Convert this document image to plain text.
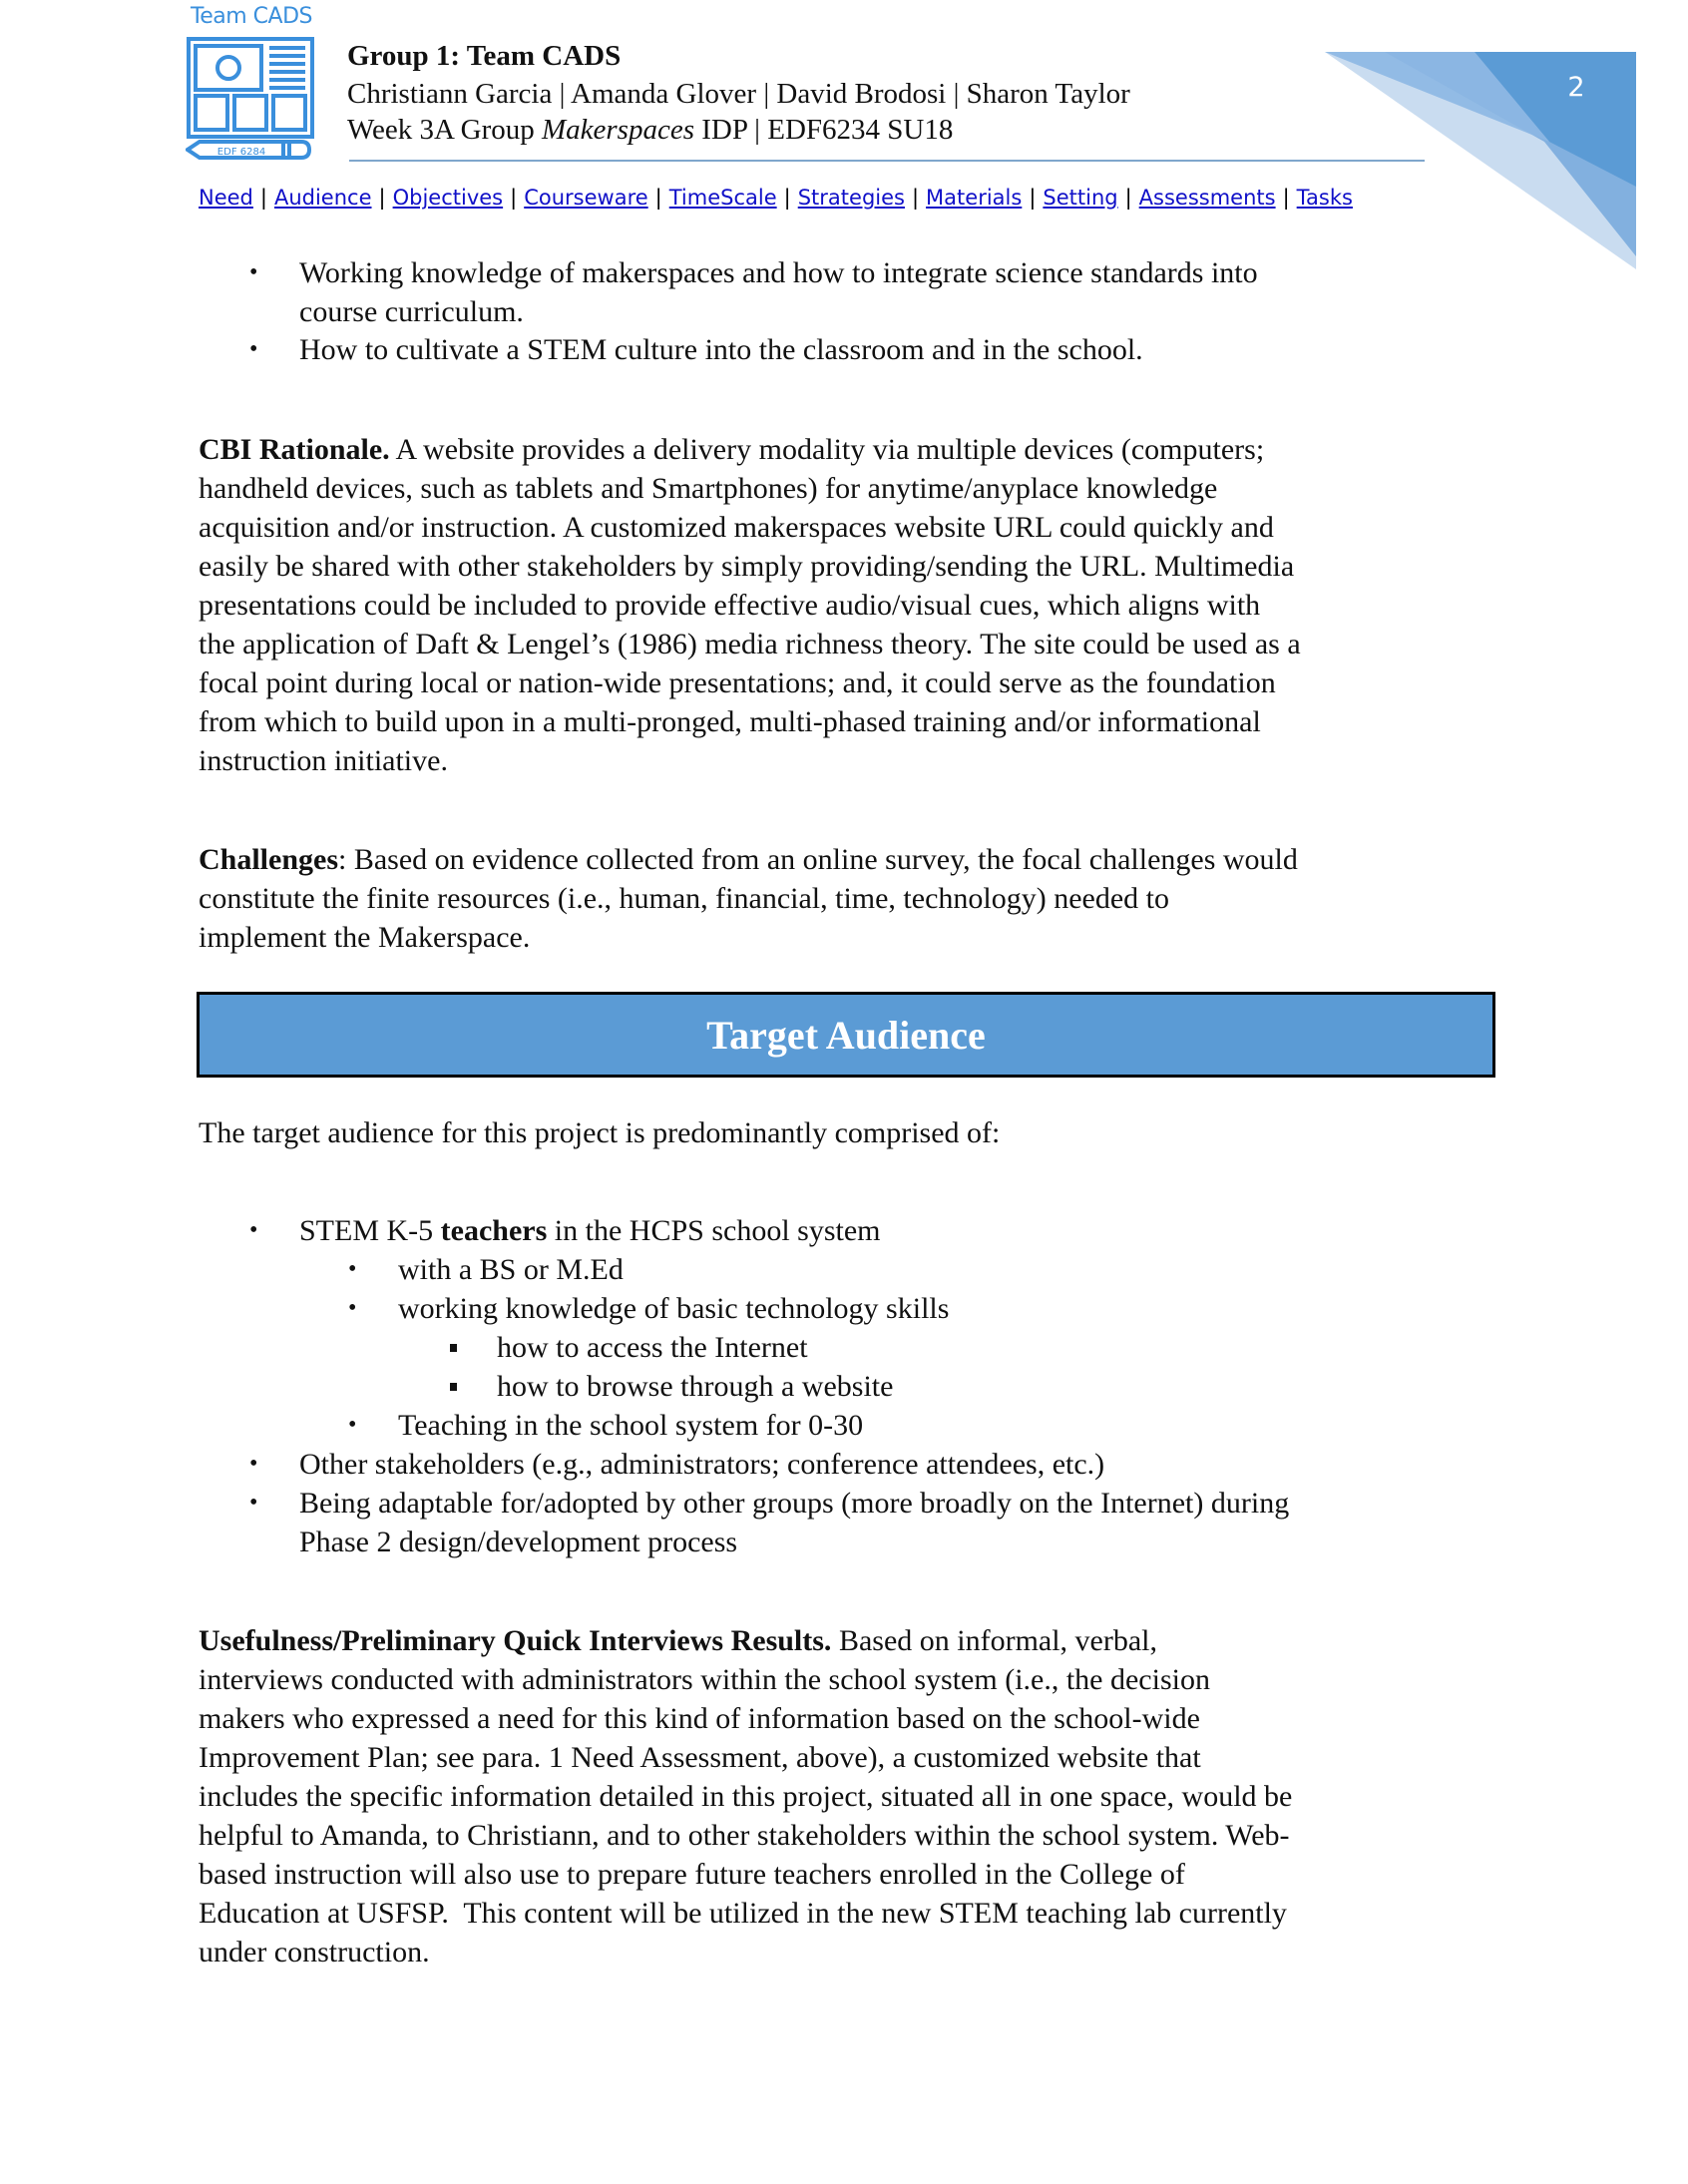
Team CADS
EDF 6284
Group 1: Team CADS
Christiann Garcia | Amanda Glover | David Brodosi | Sharon Taylor
Week 3A Group Makerspaces IDP | EDF6234 SU18
2
Need | Audience | Objectives | Courseware | TimeScale | Strategies | Materials | Setting | Assessments | Tasks
• Working knowledge of makerspaces and how to integrate science standards into
course curriculum.
• How to cultivate a STEM culture into the classroom and in the school.
CBI Rationale. A website provides a delivery modality via multiple devices (computers;
handheld devices, such as tablets and Smartphones) for anytime/anyplace knowledge
acquisition and/or instruction. A customized makerspaces website URL could quickly and
easily be shared with other stakeholders by simply providing/sending the URL. Multimedia
presentations could be included to provide effective audio/visual cues, which aligns with
the application of Daft & Lengel’s (1986) media richness theory. The site could be used as a
focal point during local or nation-wide presentations; and, it could serve as the foundation
from which to build upon in a multi-pronged, multi-phased training and/or informational
instruction initiative.
Challenges: Based on evidence collected from an online survey, the focal challenges would
constitute the finite resources (i.e., human, financial, time, technology) needed to
implement the Makerspace.
Target Audience
The target audience for this project is predominantly comprised of:
• STEM K-5 teachers in the HCPS school system
• with a BS or M.Ed
• working knowledge of basic technology skills
how to access the Internet
how to browse through a website
• Teaching in the school system for 0-30
• Other stakeholders (e.g., administrators; conference attendees, etc.)
• Being adaptable for/adopted by other groups (more broadly on the Internet) during
Phase 2 design/development process
Usefulness/Preliminary Quick Interviews Results. Based on informal, verbal,
interviews conducted with administrators within the school system (i.e., the decision
makers who expressed a need for this kind of information based on the school-wide
Improvement Plan; see para. 1 Need Assessment, above), a customized website that
includes the specific information detailed in this project, situated all in one space, would be
helpful to Amanda, to Christiann, and to other stakeholders within the school system. Web-
based instruction will also use to prepare future teachers enrolled in the College of
Education at USFSP.  This content will be utilized in the new STEM teaching lab currently
under construction.
